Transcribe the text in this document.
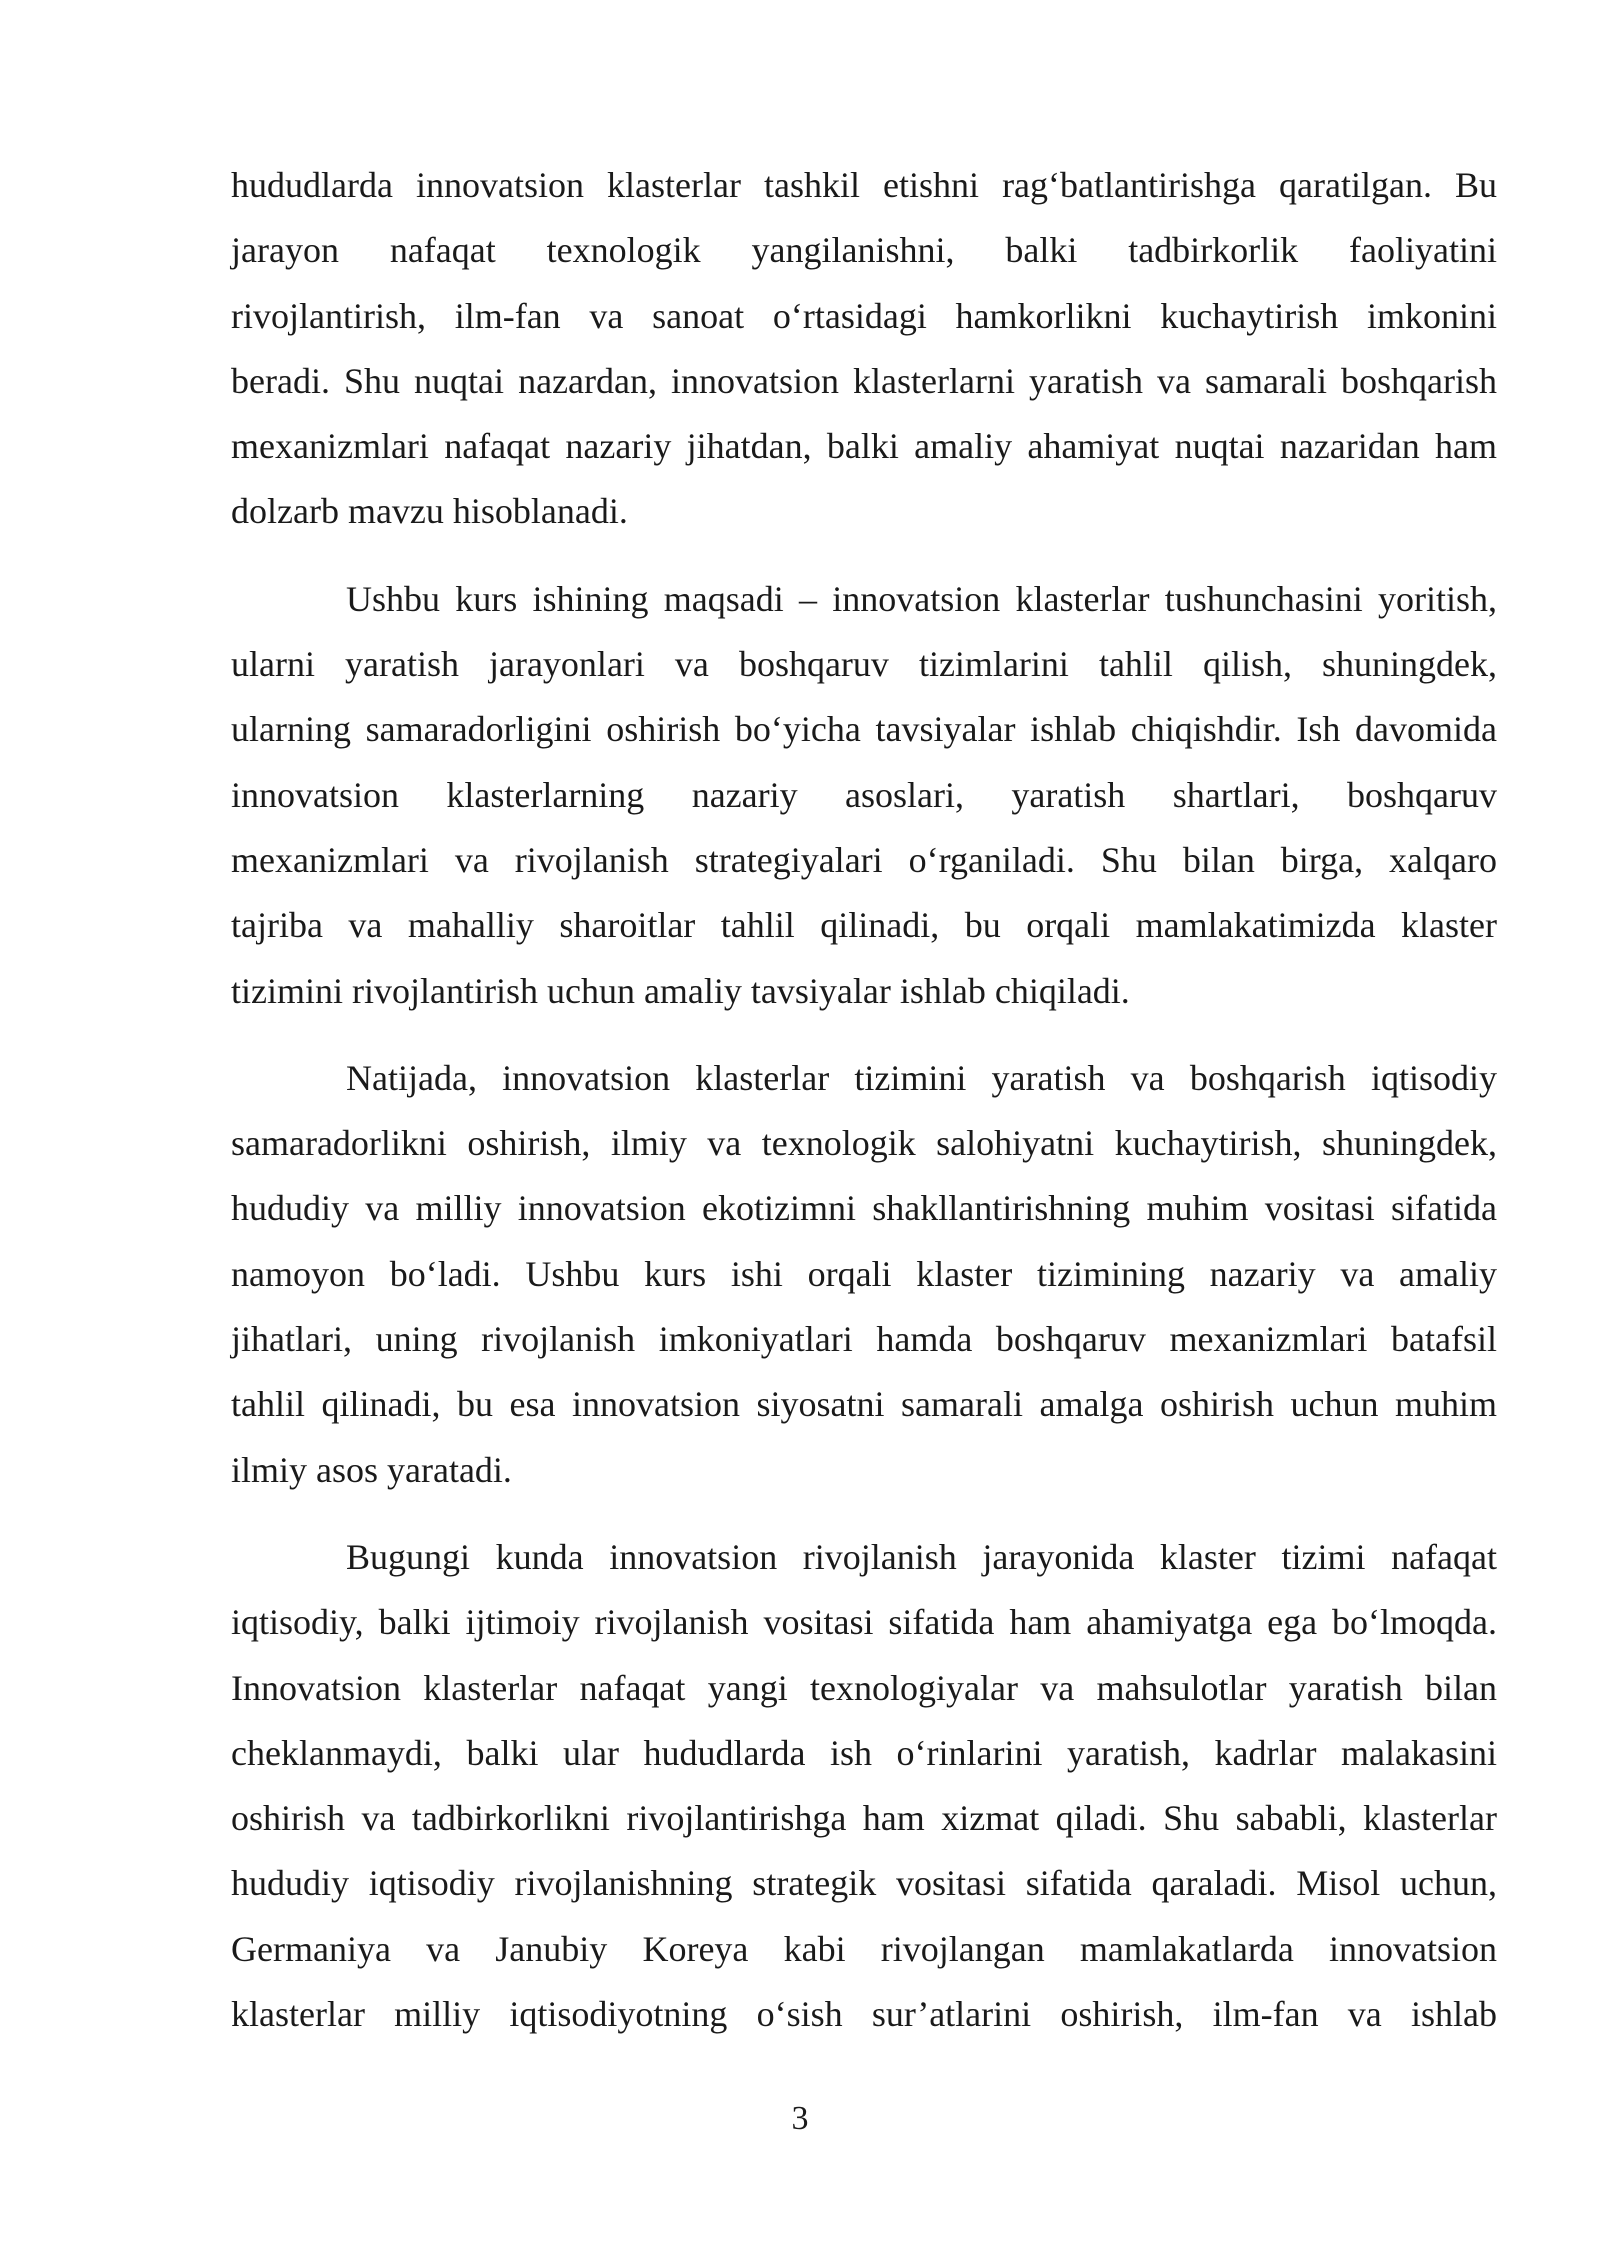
hududlarda innovatsion klasterlar tashkil etishni rag‘batlantirishga qaratilgan. Bu
jarayon nafaqat texnologik yangilanishni, balki tadbirkorlik faoliyatini
rivojlantirish, ilm-fan va sanoat o‘rtasidagi hamkorlikni kuchaytirish imkonini
beradi. Shu nuqtai nazardan, innovatsion klasterlarni yaratish va samarali boshqarish
mexanizmlari nafaqat nazariy jihatdan, balki amaliy ahamiyat nuqtai nazaridan ham
dolzarb mavzu hisoblanadi.

Ushbu kurs ishining maqsadi – innovatsion klasterlar tushunchasini yoritish,
ularni yaratish jarayonlari va boshqaruv tizimlarini tahlil qilish, shuningdek,
ularning samaradorligini oshirish bo‘yicha tavsiyalar ishlab chiqishdir. Ish davomida
innovatsion klasterlarning nazariy asoslari, yaratish shartlari, boshqaruv
mexanizmlari va rivojlanish strategiyalari o‘rganiladi. Shu bilan birga, xalqaro
tajriba va mahalliy sharoitlar tahlil qilinadi, bu orqali mamlakatimizda klaster
tizimini rivojlantirish uchun amaliy tavsiyalar ishlab chiqiladi.

Natijada, innovatsion klasterlar tizimini yaratish va boshqarish iqtisodiy
samaradorlikni oshirish, ilmiy va texnologik salohiyatni kuchaytirish, shuningdek,
hududiy va milliy innovatsion ekotizimni shakllantirishning muhim vositasi sifatida
namoyon bo‘ladi. Ushbu kurs ishi orqali klaster tizimining nazariy va amaliy
jihatlari, uning rivojlanish imkoniyatlari hamda boshqaruv mexanizmlari batafsil
tahlil qilinadi, bu esa innovatsion siyosatni samarali amalga oshirish uchun muhim
ilmiy asos yaratadi.

Bugungi kunda innovatsion rivojlanish jarayonida klaster tizimi nafaqat
iqtisodiy, balki ijtimoiy rivojlanish vositasi sifatida ham ahamiyatga ega bo‘lmoqda.
Innovatsion klasterlar nafaqat yangi texnologiyalar va mahsulotlar yaratish bilan
cheklanmaydi, balki ular hududlarda ish o‘rinlarini yaratish, kadrlar malakasini
oshirish va tadbirkorlikni rivojlantirishga ham xizmat qiladi. Shu sababli, klasterlar
hududiy iqtisodiy rivojlanishning strategik vositasi sifatida qaraladi. Misol uchun,
Germaniya va Janubiy Koreya kabi rivojlangan mamlakatlarda innovatsion
klasterlar milliy iqtisodiyotning o‘sish sur’atlarini oshirish, ilm-fan va ishlab

3
